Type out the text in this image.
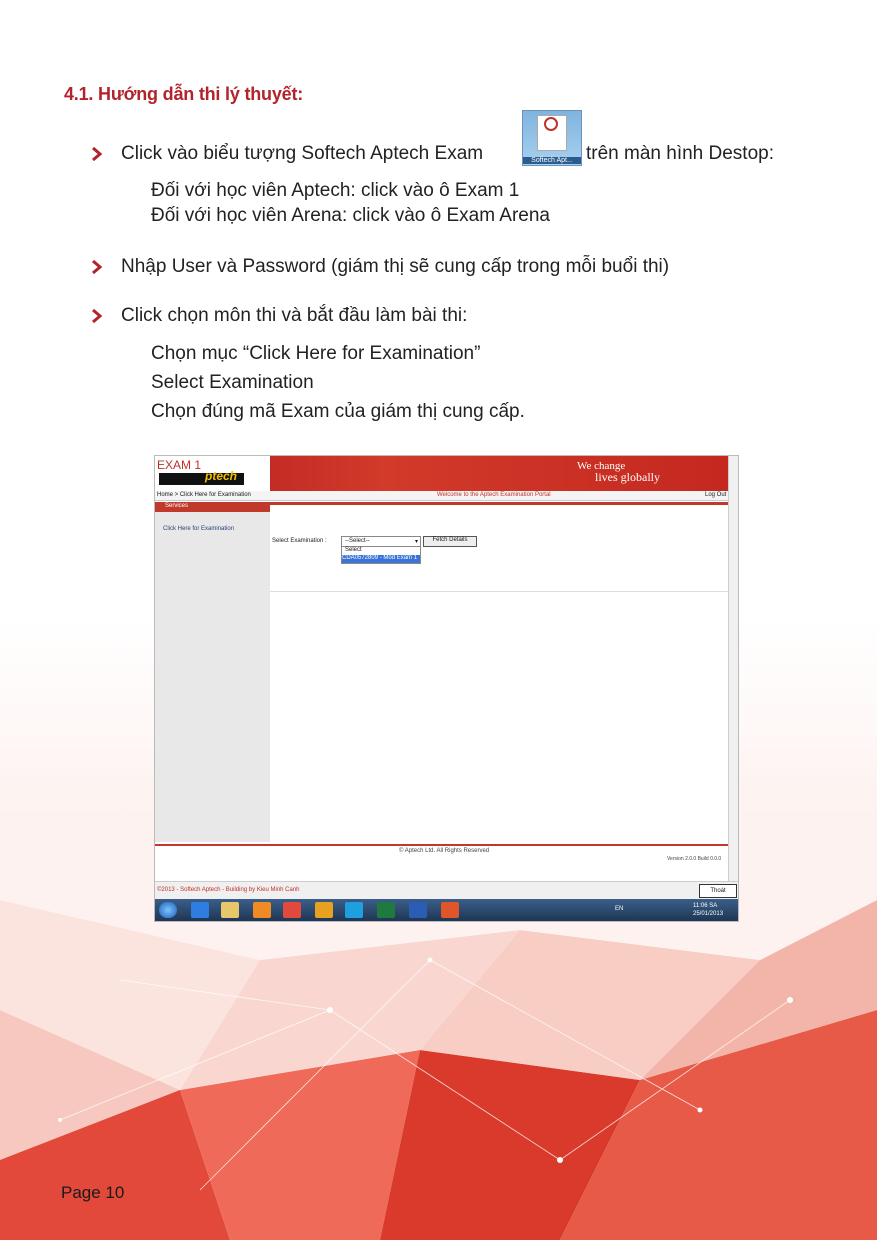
4.1. Hướng dẫn thi lý thuyết:
Click vào biểu tượng Softech Aptech Exam	Softech Apt... trên màn hình Destop:
Đối với học viên Aptech: click vào ô Exam 1
Đối với học viên Arena: click vào ô Exam Arena
Nhập User và Password (giám thị sẽ cung cấp trong mỗi buổi thi)
Click chọn môn thi và bắt đầu làm bài thi:
Chọn mục “Click Here for Examination”
Select Examination
Chọn đúng mã Exam của giám thị cung cấp.
EXAM 1
ptech
We change
lives globally
Home > Click Here for Examination	Welcome to the Aptech Examination Portal	Log Out
Services
Click Here for Examination
Select Examination :	--Select--	▾
Select
CDA0572809 - Mod Exam 1
Fetch Details
© Aptech Ltd. All Rights Reserved
Version 2.0.0 Build 0.0.0
©2013 - Softech Aptech - Building by Kieu Minh Canh	Thoát
EN	11:06 SA
25/01/2013
Page 10
